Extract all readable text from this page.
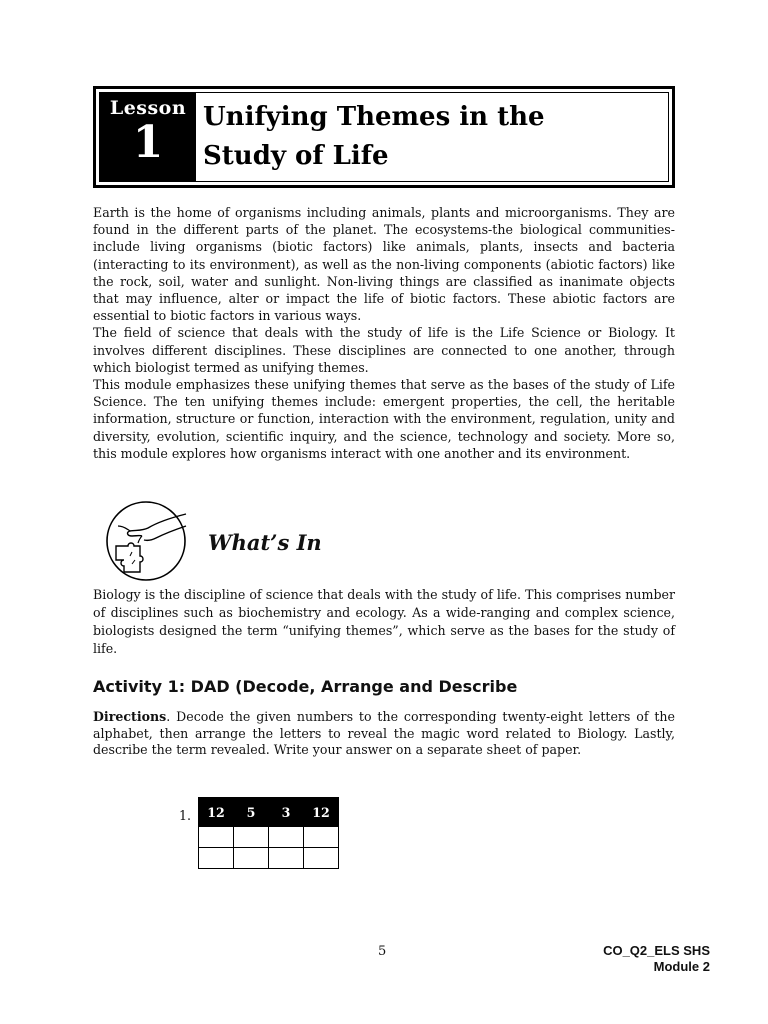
Lesson
1	Unifying Themes in the
Study of Life

Earth is the home of organisms including animals, plants and microorganisms. They are found in the different parts of the planet. The ecosystems-the biological communities- include living organisms (biotic factors) like animals, plants, insects and bacteria (interacting to its environment), as well as the non-living components (abiotic factors) like the rock, soil, water and sunlight. Non-living things are classified as inanimate objects that may influence, alter or impact the life of biotic factors. These abiotic factors are essential to biotic factors in various ways.

The field of science that deals with the study of life is the Life Science or Biology. It involves different disciplines. These disciplines are connected to one another, through which biologist termed as unifying themes.

This module emphasizes these unifying themes that serve as the bases of the study of Life Science. The ten unifying themes include: emergent properties, the cell, the heritable information, structure or function, interaction with the environment, regulation, unity and diversity, evolution, scientific inquiry, and the science, technology and society. More so, this module explores how organisms interact with one another and its environment.

What’s In

Biology is the discipline of science that deals with the study of life. This comprises number of disciplines such as biochemistry and ecology. As a wide-ranging and complex science, biologists designed the term “unifying themes”, which serve as the bases for the study of life.

Activity 1: DAD (Decode, Arrange and Describe

Directions. Decode the given numbers to the corresponding twenty-eight letters of the alphabet, then arrange the letters to reveal the magic word related to Biology. Lastly, describe the term revealed. Write your answer on a separate sheet of paper.

1. 12	5	3	12

5	CO_Q2_ELS SHS
Module 2
